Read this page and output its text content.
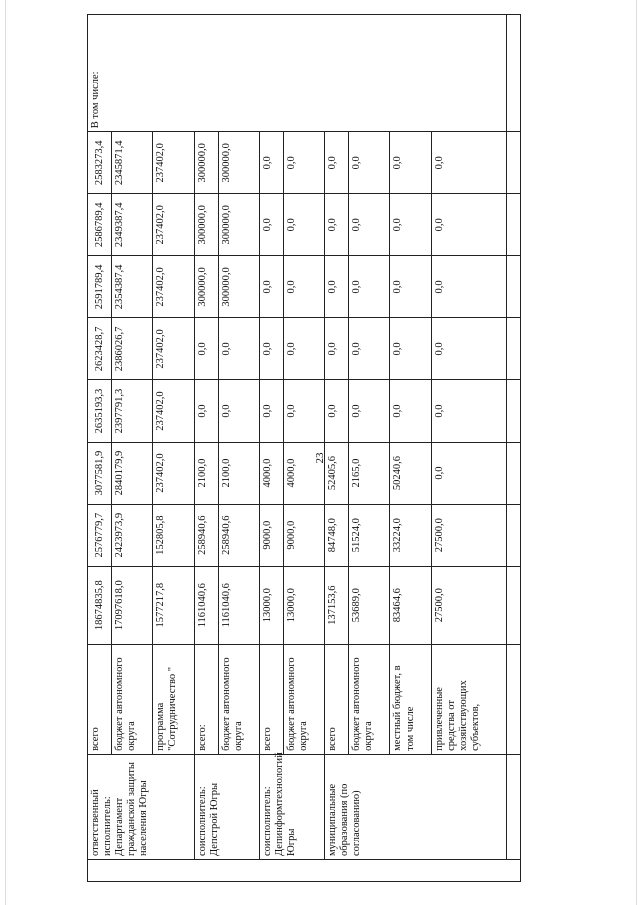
23
	ответственный исполнитель: Департамент гражданской защиты населения Югры	всего	18674835,8	2576779,7	3077581,9	2635193,3	2623428,7	2591789,4	2586789,4	2583273,4	В том числе:
		бюджет автономного округа	17097618,0	2423973,9	2840179,9	2397791,3	2386026,7	2354387,4	2349387,4	2345871,4	
		программа "Сотрудничество "	1577217,8	152805,8	237402,0	237402,0	237402,0	237402,0	237402,0	237402,0	
	соисполнитель: Депстрой Югры	всего:	1161040,6	258940,6	2100,0	0,0	0,0	300000,0	300000,0	300000,0	
		бюджет автономного округа	1161040,6	258940,6	2100,0	0,0	0,0	300000,0	300000,0	300000,0	
	соисполнитель: Депинформтехнологий Югры	всего	13000,0	9000,0	4000,0	0,0	0,0	0,0	0,0	0,0	
		бюджет автономного округа	13000,0	9000,0	4000,0	0,0	0,0	0,0	0,0	0,0	
	муниципальные образования (по согласованию)	всего	137153,6	84748,0	52405,6	0,0	0,0	0,0	0,0	0,0	
		бюджет автономного округа	53689,0	51524,0	2165,0	0,0	0,0	0,0	0,0	0,0	
		местный бюджет, в том числе	83464,6	33224,0	50240,6	0,0	0,0	0,0	0,0	0,0	
		привлеченные средства от хозяйствующих субъектов,	27500,0	27500,0	0,0	0,0	0,0	0,0	0,0	0,0	
